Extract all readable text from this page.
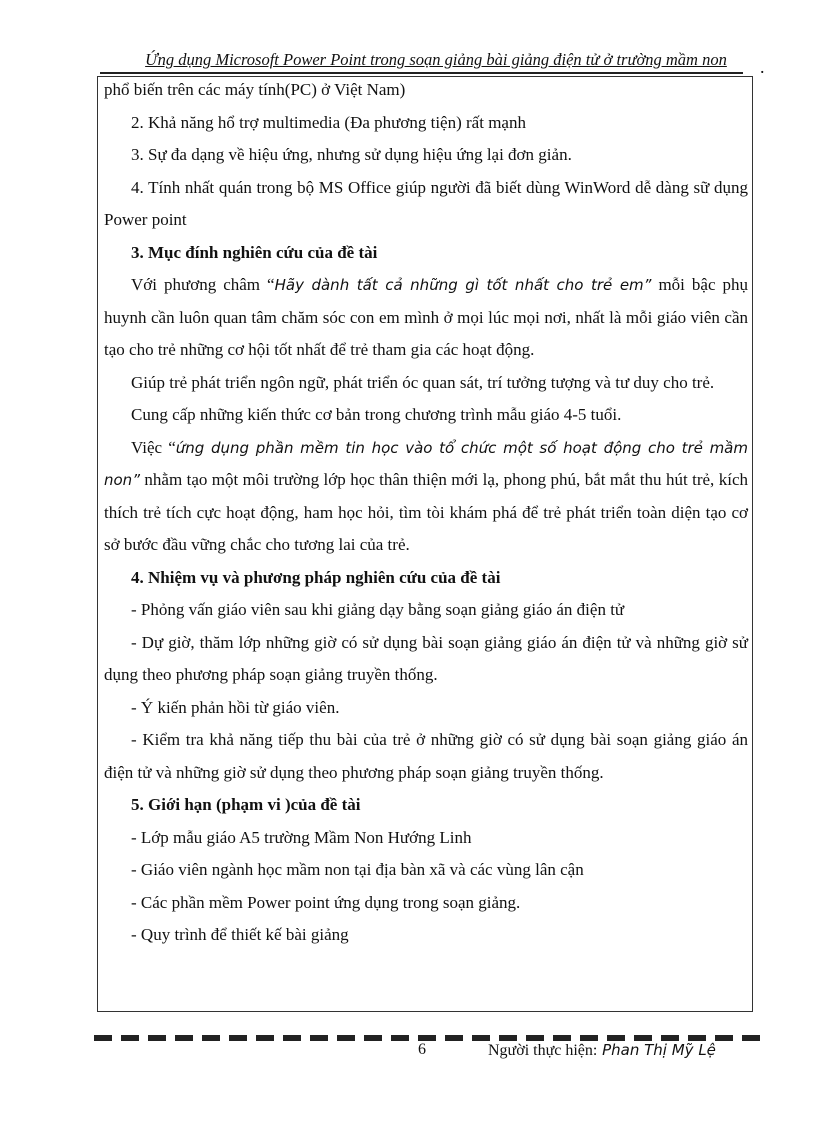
Ứng dụng Microsoft Power Point trong soạn giảng bài giảng điện tử ở trường mầm non	.

phổ biến trên các máy tính(PC) ở Việt Nam)

2. Khả năng hổ trợ multimedia (Đa phương tiện) rất mạnh

3. Sự đa dạng về hiệu ứng, nhưng sử dụng hiệu ứng lại đơn giản.

4. Tính nhất quán trong bộ MS Office giúp người đã biết dùng WinWord dễ dàng sữ dụng Power point

3. Mục đính nghiên cứu của đề tài

Với phương châm “Hãy dành tất cả những gì tốt nhất cho trẻ em” mỗi bậc phụ huynh cần luôn quan tâm chăm sóc con em mình ở mọi lúc mọi nơi, nhất là mỗi giáo viên cần tạo cho trẻ những cơ hội tốt nhất để trẻ tham gia các hoạt động.

Giúp trẻ phát triển ngôn ngữ, phát triển óc quan sát, trí tưởng tượng và tư duy cho trẻ.

Cung cấp những kiến thức cơ bản trong chương trình mẫu giáo 4-5 tuổi.

Việc “ứng dụng phần mềm tin học vào tổ chức một số hoạt động cho trẻ mầm non” nhằm tạo một môi trường lớp học thân thiện mới lạ, phong phú, bắt mắt thu hút trẻ, kích thích trẻ tích cực hoạt động, ham học hỏi, tìm tòi khám phá để trẻ phát triển toàn diện tạo cơ sở bước đầu vững chắc cho tương lai của trẻ.

4. Nhiệm vụ và phương pháp nghiên cứu của đề tài

- Phỏng vấn giáo viên sau khi giảng dạy bằng soạn giảng giáo án điện tử

- Dự giờ, thăm lớp những giờ có sử dụng bài soạn giảng giáo án điện tử và những giờ sử dụng theo phương pháp soạn giảng truyền thống.

- Ý kiến phản hồi từ giáo viên.

- Kiểm tra khả năng tiếp thu bài của trẻ ở những giờ có sử dụng bài soạn giảng giáo án điện tử và những giờ sử dụng theo phương pháp soạn giảng truyền thống.

5. Giới hạn (phạm vi )của đề tài

- Lớp mẫu giáo A5 trường Mầm Non Hướng Linh

- Giáo viên ngành học mầm non tại địa bàn xã và các vùng lân cận

- Các phần mềm Power point ứng dụng trong soạn giảng.

- Quy trình để thiết kế bài giảng

6	Người thực hiện: Phan Thị Mỹ Lệ
